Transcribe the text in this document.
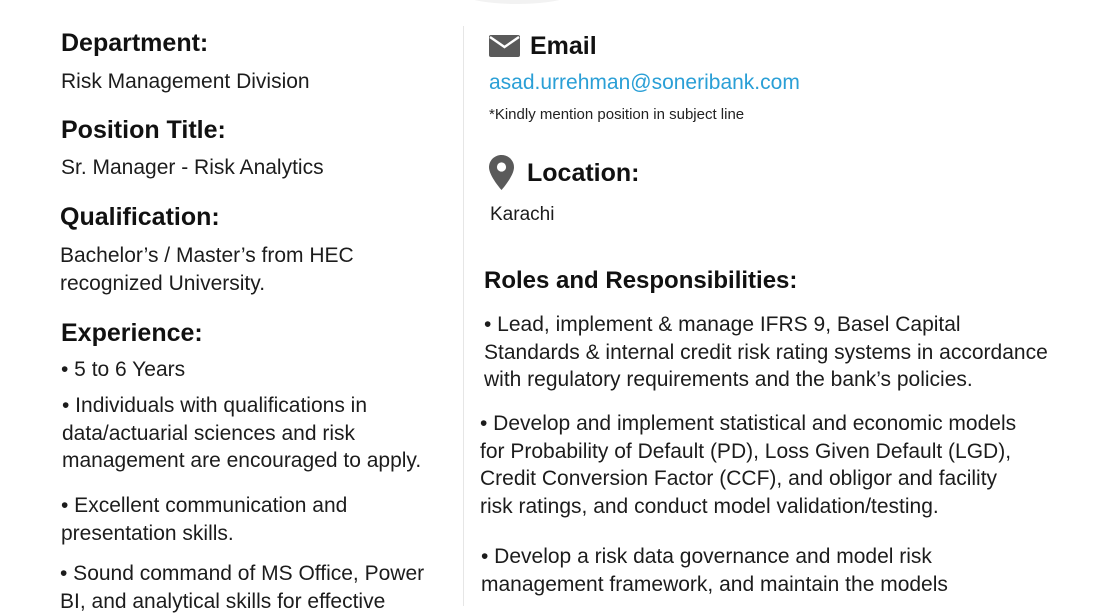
Department:
Risk Management Division
Position Title:
Sr. Manager - Risk Analytics
Qualification:
Bachelor’s / Master’s from HEC
recognized University.
Experience:
• 5 to 6 Years
• Individuals with qualifications in
data/actuarial sciences and risk
management are encouraged to apply.
• Excellent communication and
presentation skills.
• Sound command of MS Office, Power
BI, and analytical skills for effective
Email
asad.urrehman@soneribank.com
*Kindly mention position in subject line
Location:
Karachi
Roles and Responsibilities:
• Lead, implement & manage IFRS 9, Basel Capital
Standards & internal credit risk rating systems in accordance
with regulatory requirements and the bank’s policies.
• Develop and implement statistical and economic models
for Probability of Default (PD), Loss Given Default (LGD),
Credit Conversion Factor (CCF), and obligor and facility
risk ratings, and conduct model validation/testing.
• Develop a risk data governance and model risk
management framework, and maintain the models
